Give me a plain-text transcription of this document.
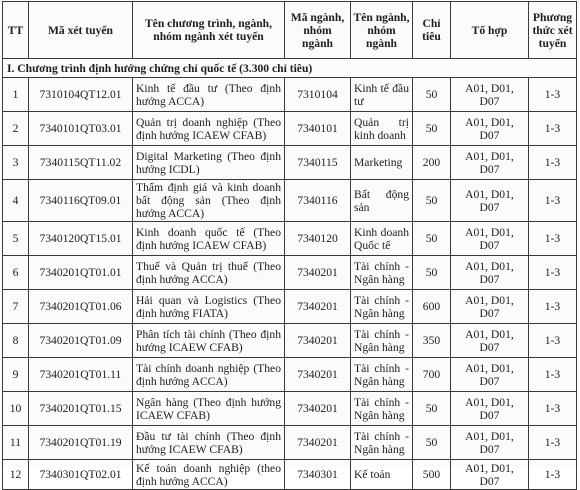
TT	Mã xét tuyển	Tên chương trình, ngành, nhóm ngành xét tuyển	Mã ngành, nhóm ngành	Tên ngành, nhóm ngành	Chỉ tiêu	Tổ hợp	Phương thức xét tuyển
I. Chương trình định hướng chứng chỉ quốc tế (3.300 chỉ tiêu)							
1	7310104QT12.01	Kinh tế đầu tư (Theo định hướng ACCA)	7310104	Kinh tế đầu tư	50	A01, D01, D07	1-3
2	7340101QT03.01	Quản trị doanh nghiệp (Theo định hướng ICAEW CFAB)	7340101	Quản trị kinh doanh	50	A01, D01, D07	1-3
3	7340115QT11.02	Digital Marketing (Theo định hướng ICDL)	7340115	Marketing	200	A01, D01, D07	1-3
4	7340116QT09.01	Thẩm định giá và kinh doanh bất động sản (Theo định hướng ACCA)	7340116	Bất động sản	50	A01, D01, D07	1-3
5	7340120QT15.01	Kinh doanh quốc tế (Theo định hướng ICAEW CFAB)	7340120	Kinh doanh Quốc tế	50	A01, D01, D07	1-3
6	7340201QT01.01	Thuế và Quản trị thuế (Theo định hướng ACCA)	7340201	Tài chính - Ngân hàng	50	A01, D01, D07	1-3
7	7340201QT01.06	Hải quan và Logistics (Theo định hướng FIATA)	7340201	Tài chính - Ngân hàng	600	A01, D01, D07	1-3
8	7340201QT01.09	Phân tích tài chính (Theo định hướng ICAEW CFAB)	7340201	Tài chính - Ngân hàng	350	A01, D01, D07	1-3
9	7340201QT01.11	Tài chính doanh nghiệp (Theo định hướng ACCA)	7340201	Tài chính - Ngân hàng	700	A01, D01, D07	1-3
10	7340201QT01.15	Ngân hàng (Theo định hướng ICAEW CFAB)	7340201	Tài chính - Ngân hàng	50	A01, D01, D07	1-3
11	7340201QT01.19	Đầu tư tài chính (Theo định hướng ICAEW CFAB)	7340201	Tài chính - Ngân hàng	50	A01, D01, D07	1-3
12	7340301QT02.01	Kế toán doanh nghiệp (theo định hướng ACCA)	7340301	Kế toán	500	A01, D01, D07	1-3
